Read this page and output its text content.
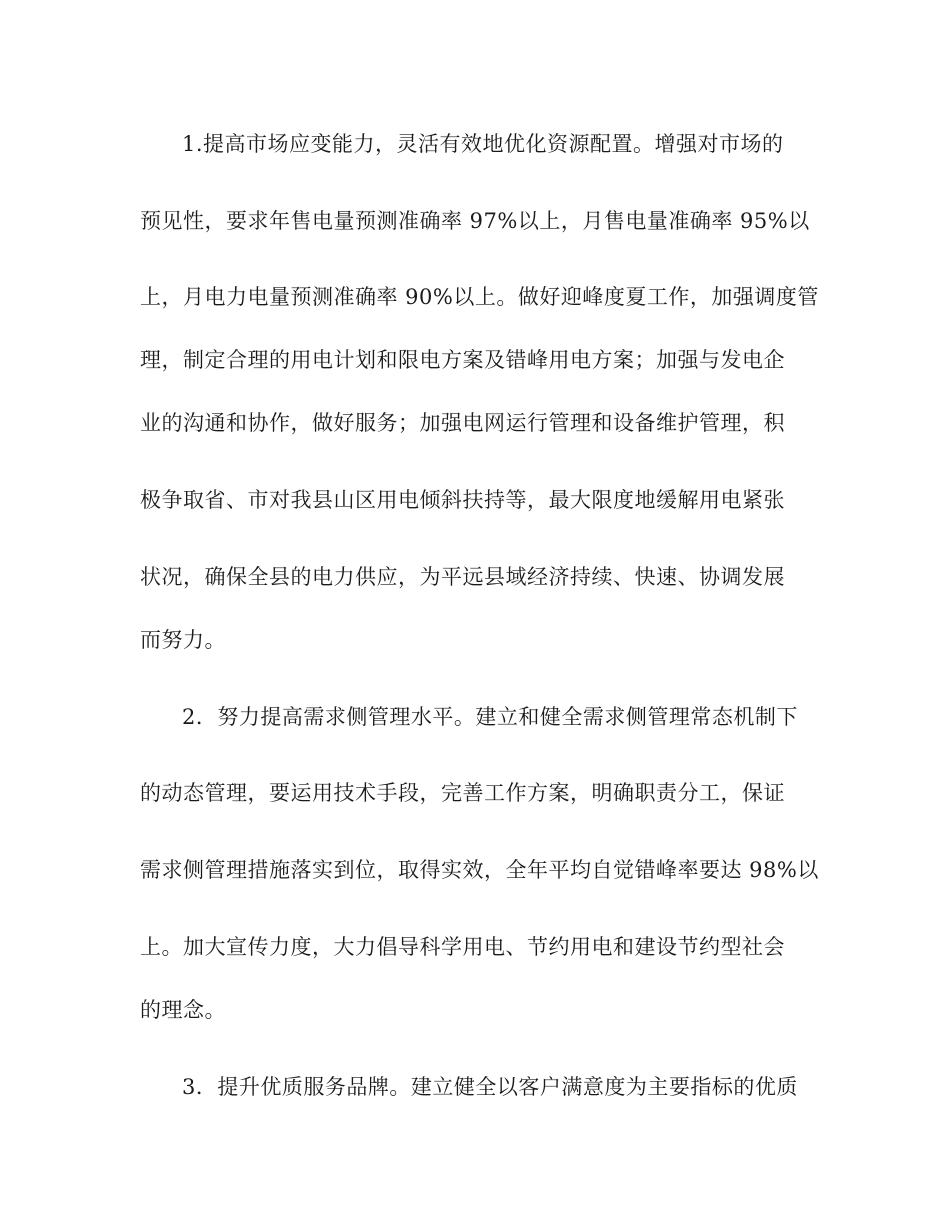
1.提高市场应变能力，灵活有效地优化资源配置。增强对市场的
预见性，要求年售电量预测准确率 97%以上，月售电量准确率 95%以
上，月电力电量预测准确率 90%以上。做好迎峰度夏工作，加强调度管
理，制定合理的用电计划和限电方案及错峰用电方案；加强与发电企
业的沟通和协作，做好服务；加强电网运行管理和设备维护管理，积
极争取省、市对我县山区用电倾斜扶持等，最大限度地缓解用电紧张
状况，确保全县的电力供应，为平远县域经济持续、快速、协调发展
而努力。
2．努力提高需求侧管理水平。建立和健全需求侧管理常态机制下
的动态管理，要运用技术手段，完善工作方案，明确职责分工，保证
需求侧管理措施落实到位，取得实效，全年平均自觉错峰率要达 98%以
上。加大宣传力度，大力倡导科学用电、节约用电和建设节约型社会
的理念。
3．提升优质服务品牌。建立健全以客户满意度为主要指标的优质
